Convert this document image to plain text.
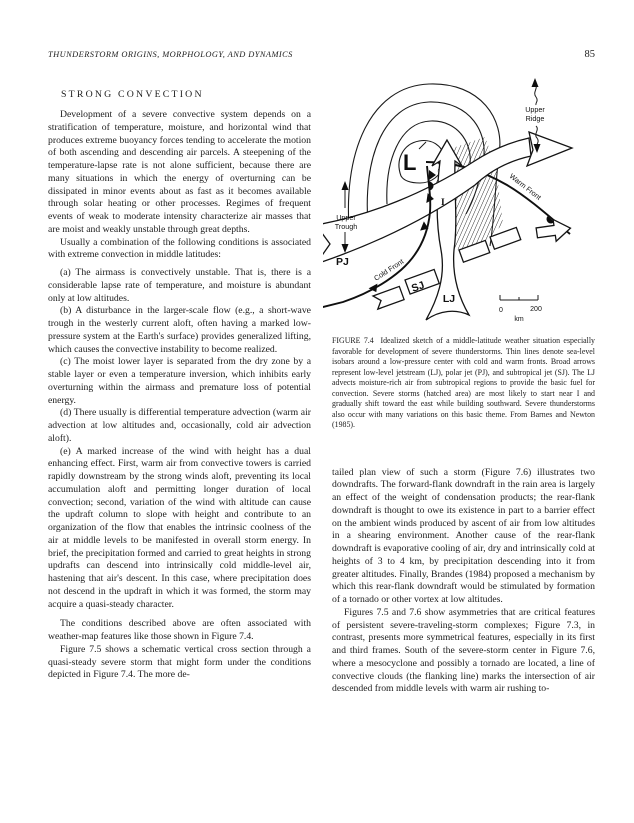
THUNDERSTORM ORIGINS, MORPHOLOGY, AND DYNAMICS	85
STRONG CONVECTION

Development of a severe convective system depends on a stratification of temperature, moisture, and horizontal wind that produces extreme buoyancy forces tending to accelerate the motion of both ascending and descending air parcels. A steepening of the temperature-lapse rate is not alone sufficient, because there are many situations in which the energy of overturning can be dissipated in minor events about as fast as it becomes available through solar heating or other processes. Regimes of frequent events of weak to moderate intensity characterize air masses that are moist and weakly unstable through great depths.

Usually a combination of the following conditions is associated with extreme convection in middle latitudes:

(a) The airmass is convectively unstable. That is, there is a considerable lapse rate of temperature, and moisture is abundant only at low altitudes.

(b) A disturbance in the larger-scale flow (e.g., a short-wave trough in the westerly current aloft, often having a marked low-pressure system at the Earth's surface) provides generalized lifting, which causes the convective instability to become realized.

(c) The moist lower layer is separated from the dry zone by a stable layer or even a temperature inversion, which inhibits early overturning within the airmass and premature loss of potential energy.

(d) There usually is differential temperature advection (warm air advection at low altitudes and, occasionally, cold air advection aloft).

(e) A marked increase of the wind with height has a dual enhancing effect. First, warm air from convective towers is carried rapidly downstream by the strong winds aloft, preventing its local accumulation aloft and permitting longer duration of local convection; second, variation of the wind with altitude can cause the updraft column to slope with height and contribute to an organization of the flow that enables the intrinsic coolness of the air at middle levels to be manifested in overall storm energy. In brief, the precipitation formed and carried to great heights in strong updrafts can descend into intrinsically cold middle-level air, hastening that air's descent. In this case, where precipitation does not descend in the updraft in which it was formed, the storm may acquire a quasi-steady character.

The conditions described above are often associated with weather-map features like those shown in Figure 7.4.

Figure 7.5 shows a schematic vertical cross section through a quasi-steady severe storm that might form under the conditions depicted in Figure 7.4. The more de-

Upper
Trough
Upper
Ridge
0	200
km
L
I
Warm Front
Cold Front
PJ
SJ
LJ
FIGURE 7.4 Idealized sketch of a middle-latitude weather situation especially favorable for development of severe thunderstorms. Thin lines denote sea-level isobars around a low-pressure center with cold and warm fronts. Broad arrows represent low-level jetstream (LJ), polar jet (PJ), and subtropical jet (SJ). The LJ advects moisture-rich air from subtropical regions to provide the basic fuel for convection. Severe storms (hatched area) are most likely to start near I and gradually shift toward the east while building southward. Severe thunderstorms also occur with many variations on this basic theme. From Barnes and Newton (1985).

tailed plan view of such a storm (Figure 7.6) illustrates two downdrafts. The forward-flank downdraft in the rain area is largely an effect of the weight of condensation products; the rear-flank downdraft is thought to owe its existence in part to a barrier effect on the ambient winds produced by ascent of air from low altitudes in a shearing environment. Another cause of the rear-flank downdraft is evaporative cooling of air, dry and intrinsically cold at heights of 3 to 4 km, by precipitation descending into it from greater altitudes. Finally, Brandes (1984) proposed a mechanism by which this rear-flank downdraft would be stimulated by formation of a tornado or other vortex at low altitudes.

Figures 7.5 and 7.6 show asymmetries that are critical features of persistent severe-traveling-storm complexes; Figure 7.3, in contrast, presents more symmetrical features, especially in its first and third frames. South of the severe-storm center in Figure 7.6, where a mesocyclone and possibly a tornado are located, a line of convective clouds (the flanking line) marks the intersection of air descended from middle levels with warm air rushing to-
